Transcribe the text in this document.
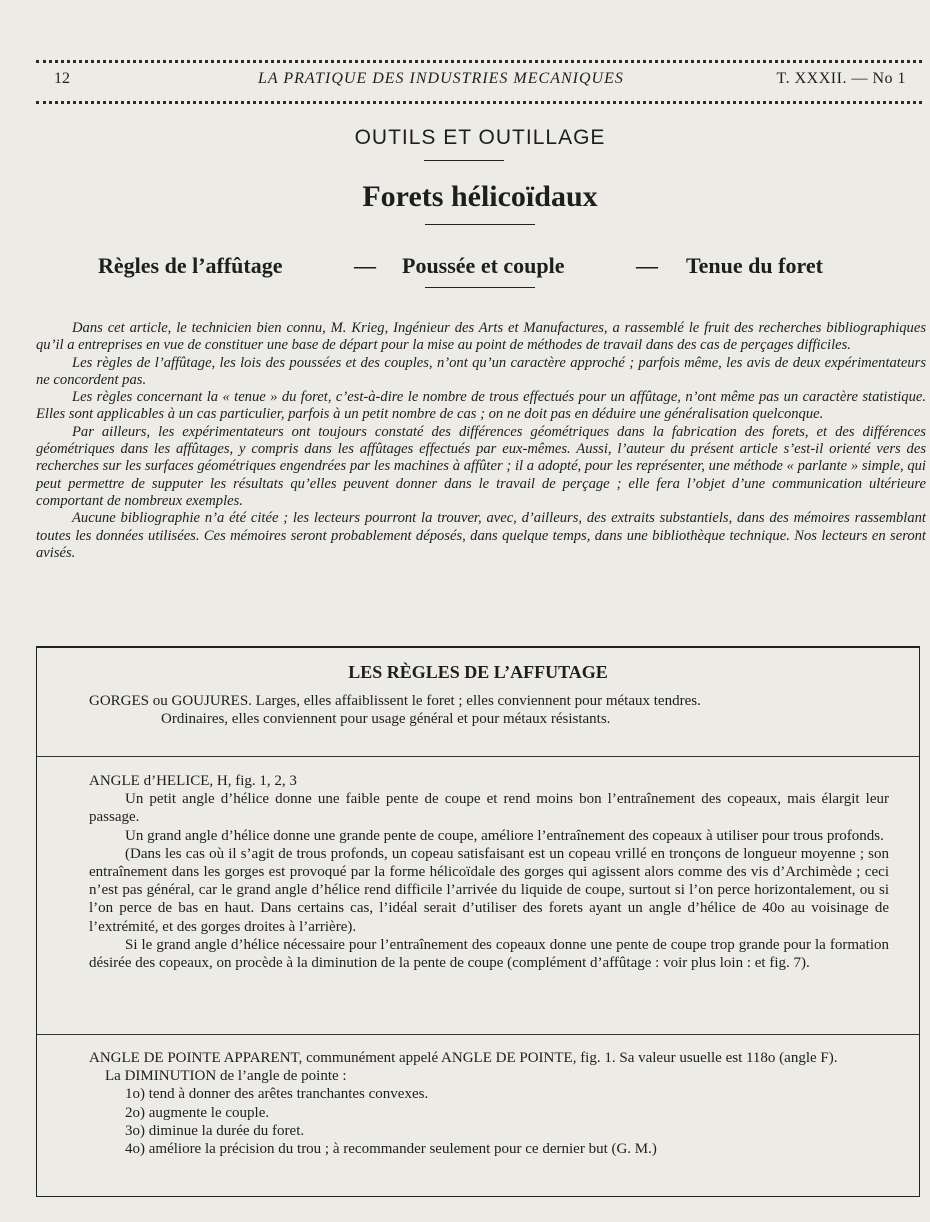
12	LA PRATIQUE DES INDUSTRIES MECANIQUES	T. XXXII. — No 1
OUTILS ET OUTILLAGE
Forets hélicoïdaux
Règles de l’affûtage	— Poussée et couple	— Tenue du foret

Dans cet article, le technicien bien connu, M. Krieg, Ingénieur des Arts et Manufactures, a rassemblé le fruit des recherches bibliographiques qu’il a entreprises en vue de constituer une base de départ pour la mise au point de méthodes de travail dans des cas de perçages difficiles.

Les règles de l’affûtage, les lois des poussées et des couples, n’ont qu’un caractère approché ; parfois même, les avis de deux expérimentateurs ne concordent pas.

Les règles concernant la « tenue » du foret, c’est-à-dire le nombre de trous effectués pour un affûtage, n’ont même pas un caractère statistique. Elles sont applicables à un cas particulier, parfois à un petit nombre de cas ; on ne doit pas en déduire une généralisation quelconque.

Par ailleurs, les expérimentateurs ont toujours constaté des différences géométriques dans la fabrication des forets, et des différences géométriques dans les affûtages, y compris dans les affûtages effectués par eux-mêmes. Aussi, l’auteur du présent article s’est-il orienté vers des recherches sur les surfaces géométriques engendrées par les machines à affûter ; il a adopté, pour les représenter, une méthode « parlante » simple, qui peut permettre de supputer les résultats qu’elles peuvent donner dans le travail de perçage ; elle fera l’objet d’une communication ultérieure comportant de nombreux exemples.

Aucune bibliographie n’a été citée ; les lecteurs pourront la trouver, avec, d’ailleurs, des extraits substantiels, dans des mémoires rassemblant toutes les données utilisées. Ces mémoires seront probablement déposés, dans quelque temps, dans une bibliothèque technique. Nos lecteurs en seront avisés.

LES RÈGLES DE L’AFFUTAGE

GORGES ou GOUJURES. Larges, elles affaiblissent le foret ; elles conviennent pour métaux tendres.

Ordinaires, elles conviennent pour usage général et pour métaux résistants.

ANGLE d’HELICE, H, fig. 1, 2, 3

Un petit angle d’hélice donne une faible pente de coupe et rend moins bon l’entraînement des copeaux, mais élargit leur passage.

Un grand angle d’hélice donne une grande pente de coupe, améliore l’entraînement des copeaux à utiliser pour trous profonds.

(Dans les cas où il s’agit de trous profonds, un copeau satisfaisant est un copeau vrillé en tronçons de longueur moyenne ; son entraînement dans les gorges est provoqué par la forme hélicoïdale des gorges qui agissent alors comme des vis d’Archimède ; ceci n’est pas général, car le grand angle d’hélice rend difficile l’arrivée du liquide de coupe, surtout si l’on perce horizontalement, ou si l’on perce de bas en haut. Dans certains cas, l’idéal serait d’utiliser des forets ayant un angle d’hélice de 40o au voisinage de l’extrémité, et des gorges droites à l’arrière).

Si le grand angle d’hélice nécessaire pour l’entraînement des copeaux donne une pente de coupe trop grande pour la formation désirée des copeaux, on procède à la diminution de la pente de coupe (complément d’affûtage : voir plus loin : et fig. 7).

ANGLE DE POINTE APPARENT, communément appelé ANGLE DE POINTE, fig. 1. Sa valeur usuelle est 118o (angle F).

La DIMINUTION de l’angle de pointe :

1o) tend à donner des arêtes tranchantes convexes.

2o) augmente le couple.

3o) diminue la durée du foret.

4o) améliore la précision du trou ; à recommander seulement pour ce dernier but (G. M.)
